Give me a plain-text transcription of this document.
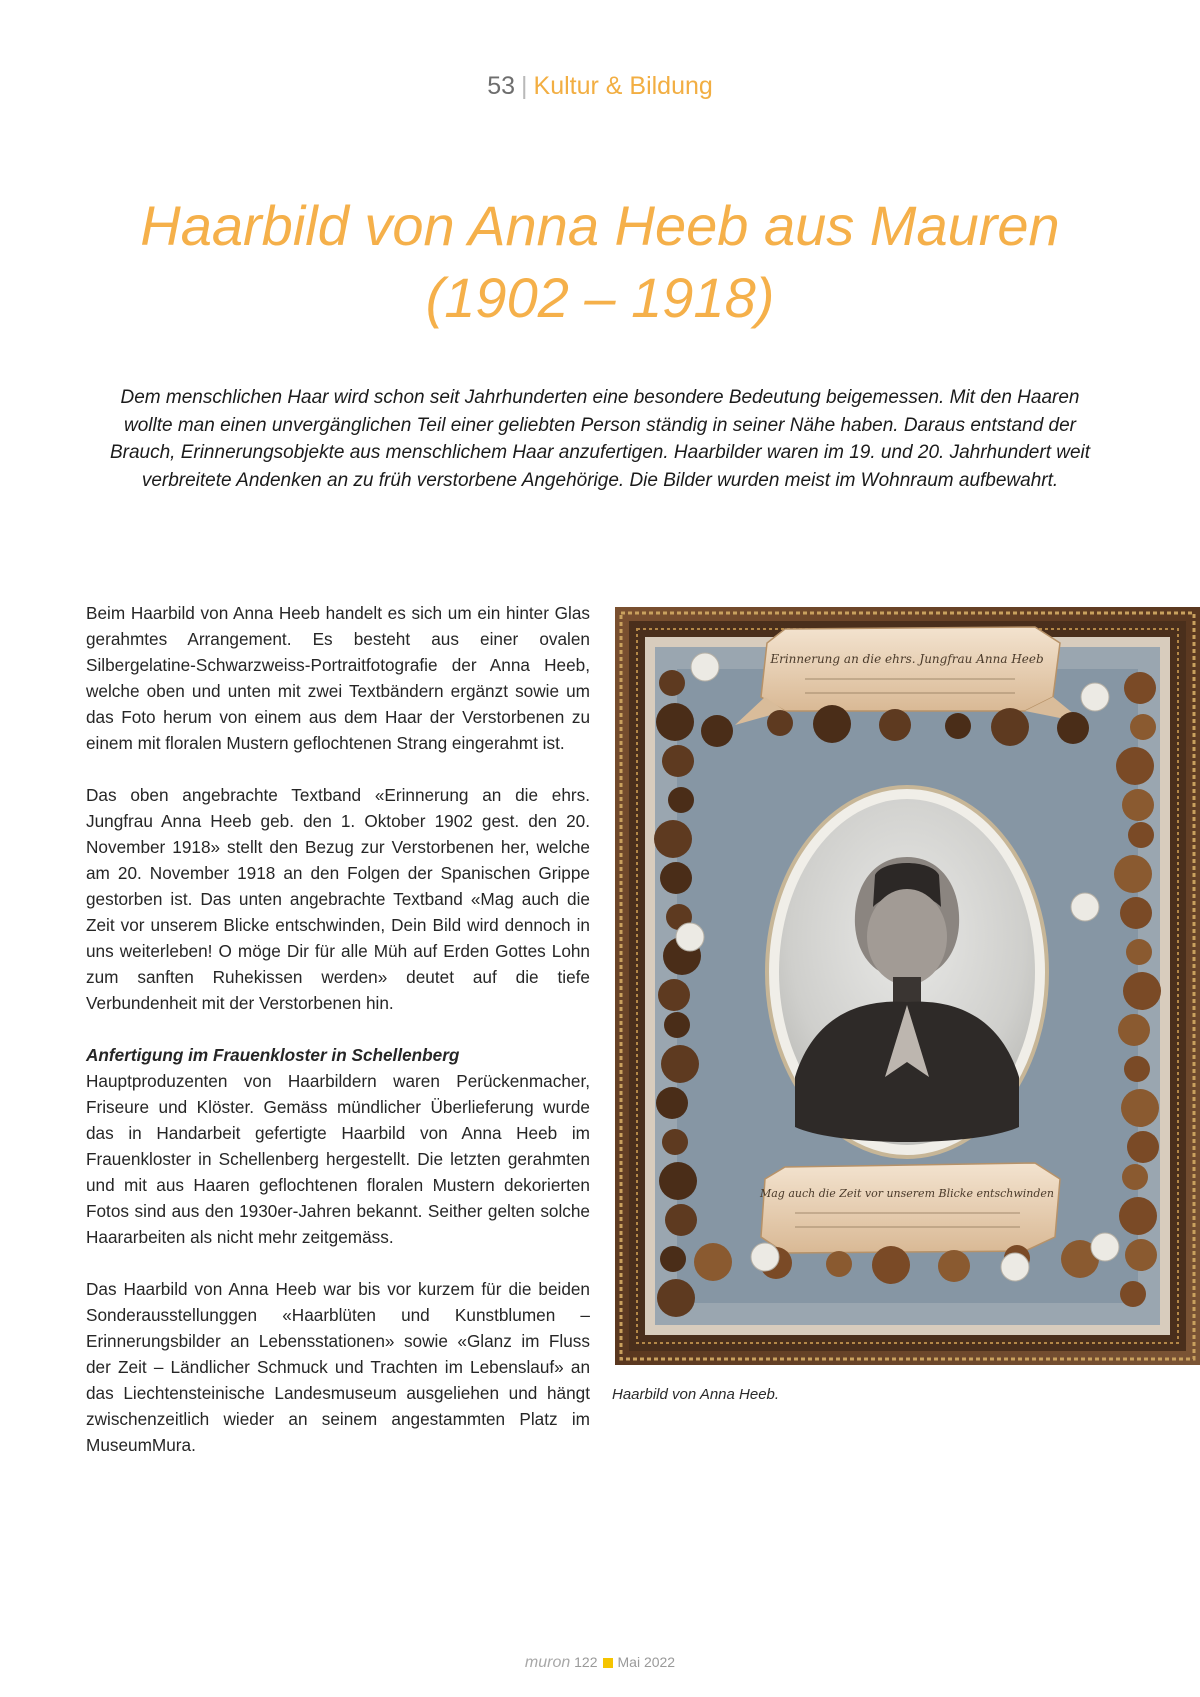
53 | Kultur & Bildung
Haarbild von Anna Heeb aus Mauren
(1902 – 1918)

Dem menschlichen Haar wird schon seit Jahrhunderten eine besondere Bedeutung beigemessen. Mit den Haaren wollte man einen unvergänglichen Teil einer geliebten Person ständig in seiner Nähe haben. Daraus entstand der Brauch, Erinnerungsobjekte aus menschlichem Haar anzufertigen. Haarbilder waren im 19. und 20. Jahrhundert weit verbreitete Andenken an zu früh verstorbene Angehörige. Die Bilder wurden meist im Wohnraum aufbewahrt.

Beim Haarbild von Anna Heeb handelt es sich um ein hinter Glas gerahmtes Arrangement. Es besteht aus einer ovalen Silbergelatine-Schwarzweiss-Portraitfotografie der Anna Heeb, welche oben und unten mit zwei Textbändern ergänzt sowie um das Foto herum von einem aus dem Haar der Verstorbenen zu einem mit floralen Mustern geflochtenen Strang eingerahmt ist.

Das oben angebrachte Textband «Erinnerung an die ehrs. Jungfrau Anna Heeb geb. den 1. Oktober 1902 gest. den 20. November 1918» stellt den Bezug zur Verstorbenen her, welche am 20. November 1918 an den Folgen der Spanischen Grippe gestorben ist. Das unten angebrachte Textband «Mag auch die Zeit vor unserem Blicke entschwinden, Dein Bild wird dennoch in uns weiterleben! O möge Dir für alle Müh auf Erden Gottes Lohn zum sanften Ruhekissen werden» deutet auf die tiefe Verbundenheit mit der Verstorbenen hin.

Anfertigung im Frauenkloster in Schellenberg
Hauptproduzenten von Haarbildern waren Perückenmacher, Friseure und Klöster. Gemäss mündlicher Überlieferung wurde das in Handarbeit gefertigte Haarbild von Anna Heeb im Frauenkloster in Schellenberg hergestellt. Die letzten gerahmten und mit aus Haaren geflochtenen floralen Mustern dekorierten Fotos sind aus den 1930er-Jahren bekannt. Seither gelten solche Haararbeiten als nicht mehr zeitgemäss.

Das Haarbild von Anna Heeb war bis vor kurzem für die beiden Sonderausstellunggen «Haarblüten und Kunstblumen – Erinnerungsbilder an Lebensstationen» sowie «Glanz im Fluss der Zeit – Ländlicher Schmuck und Trachten im Lebenslauf» an das Liechtensteinische Landesmuseum ausgeliehen und hängt zwischenzeitlich wieder an seinem angestammten Platz im MuseumMura.

Erinnerung an die ehrs. Jungfrau Anna Heeb
Mag auch die Zeit vor unserem Blicke entschwinden
Haarbild von Anna Heeb.
muron 122 Mai 2022
